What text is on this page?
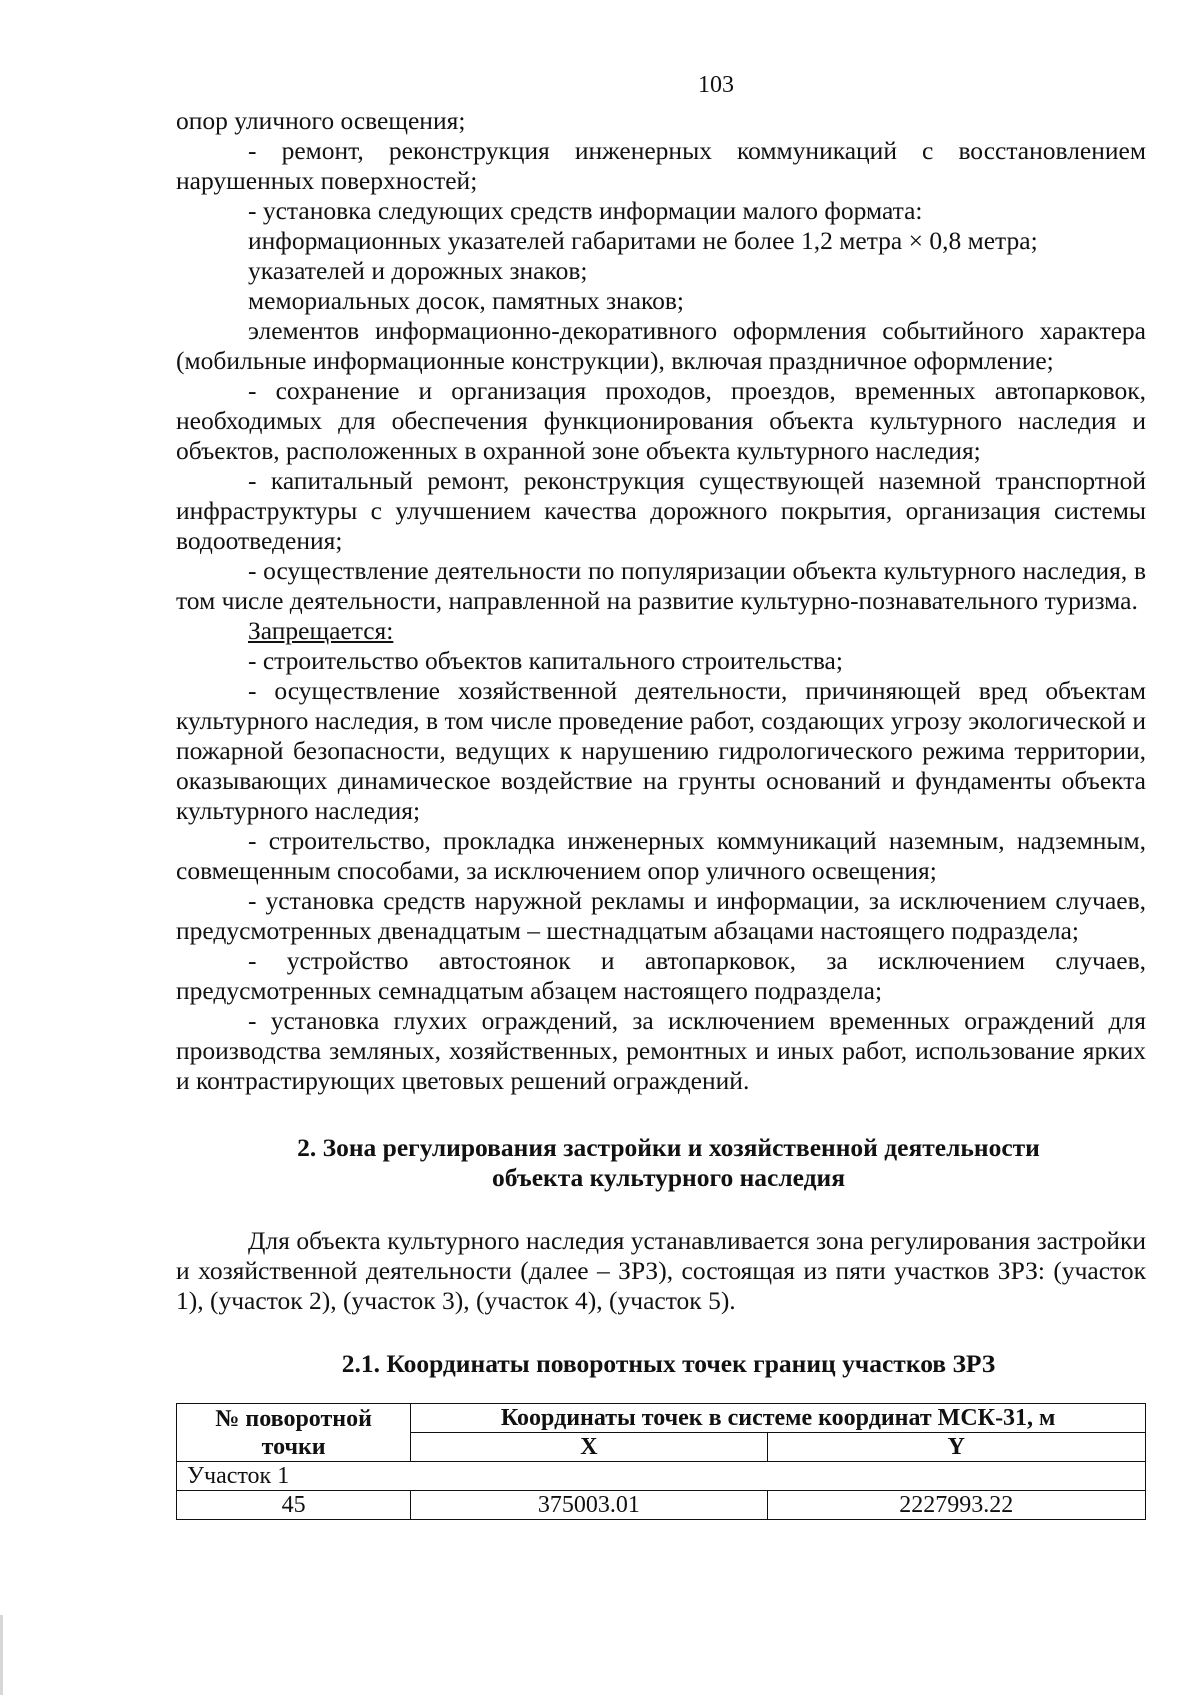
103

опор уличного освещения;

- ремонт, реконструкция инженерных коммуникаций с восстановлением нарушенных поверхностей;

- установка следующих средств информации малого формата:

информационных указателей габаритами не более 1,2 метра × 0,8 метра;

указателей и дорожных знаков;

мемориальных досок, памятных знаков;

элементов информационно-декоративного оформления событийного характера (мобильные информационные конструкции), включая праздничное оформление;

- сохранение и организация проходов, проездов, временных автопарковок, необходимых для обеспечения функционирования объекта культурного наследия и объектов, расположенных в охранной зоне объекта культурного наследия;

- капитальный ремонт, реконструкция существующей наземной транспортной инфраструктуры с улучшением качества дорожного покрытия, организация системы водоотведения;

- осуществление деятельности по популяризации объекта культурного наследия, в том числе деятельности, направленной на развитие культурно-познавательного туризма.

Запрещается:

- строительство объектов капитального строительства;

- осуществление хозяйственной деятельности, причиняющей вред объектам культурного наследия, в том числе проведение работ, создающих угрозу экологической и пожарной безопасности, ведущих к нарушению гидрологического режима территории, оказывающих динамическое воздействие на грунты оснований и фундаменты объекта культурного наследия;

- строительство, прокладка инженерных коммуникаций наземным, надземным, совмещенным способами, за исключением опор уличного освещения;

- установка средств наружной рекламы и информации, за исключением случаев, предусмотренных двенадцатым – шестнадцатым абзацами настоящего подраздела;

- устройство автостоянок и автопарковок, за исключением случаев, предусмотренных семнадцатым абзацем настоящего подраздела;

- установка глухих ограждений, за исключением временных ограждений для производства земляных, хозяйственных, ремонтных и иных работ, использование ярких и контрастирующих цветовых решений ограждений.

2. Зона регулирования застройки и хозяйственной деятельности
объекта культурного наследия

Для объекта культурного наследия устанавливается зона регулирования застройки и хозяйственной деятельности (далее – ЗРЗ), состоящая из пяти участков ЗРЗ: (участок 1), (участок 2), (участок 3), (участок 4), (участок 5).

2.1. Координаты поворотных точек границ участков ЗРЗ
№ поворотной
точки	Координаты точек в системе координат МСК-31, м	
	X	Y
Участок 1		
45	375003.01	2227993.22
